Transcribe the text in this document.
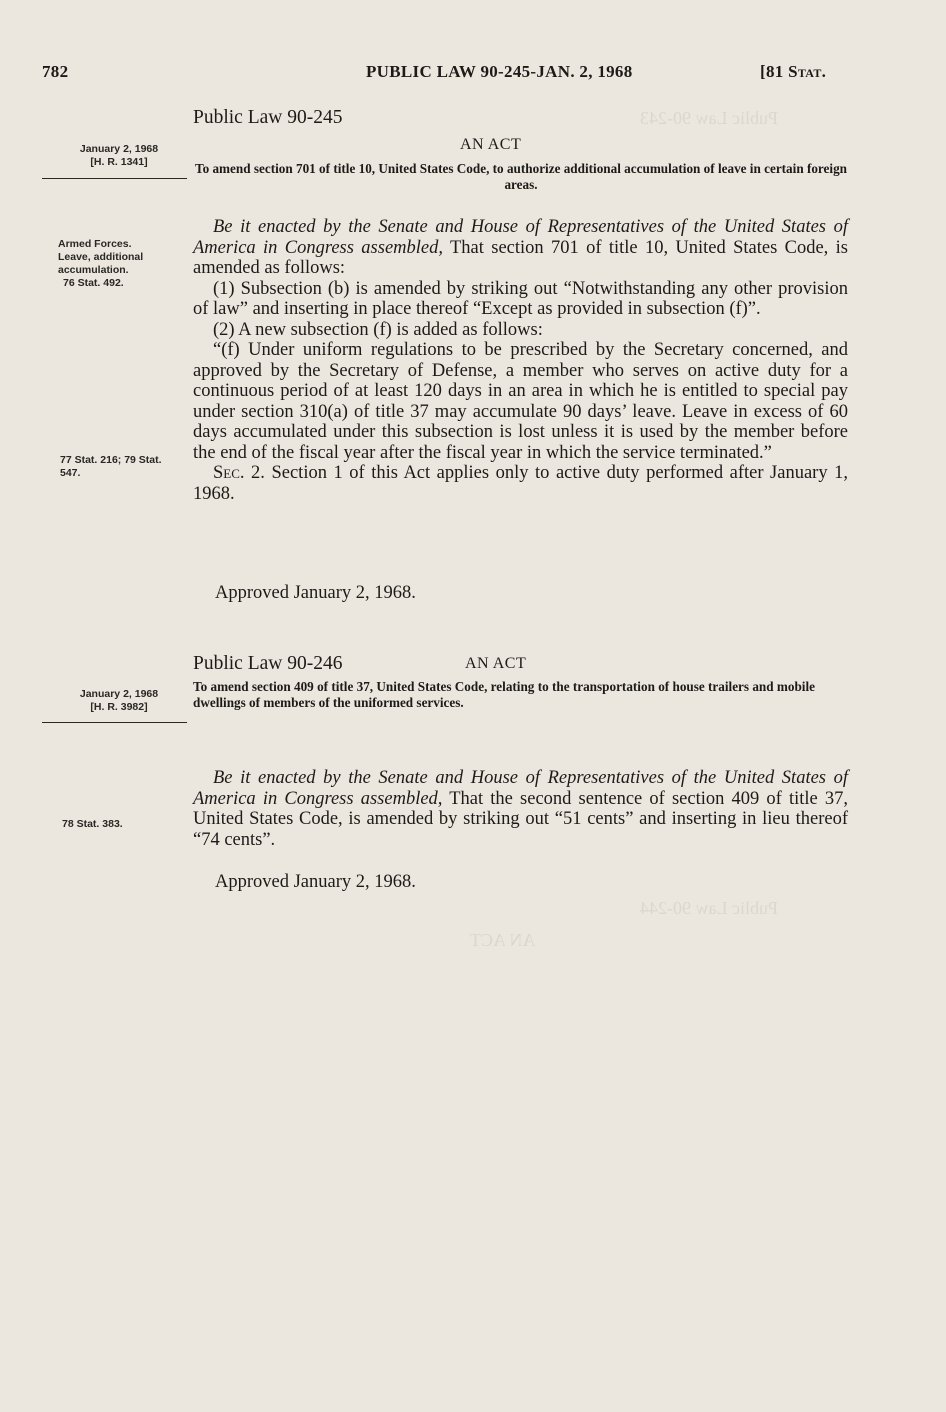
Public Law 90-243
Public Law 90-244
AN ACT
782	PUBLIC LAW 90-245-JAN. 2, 1968	[81 Stat.
Public Law 90-245
January 2, 1968
[H. R. 1341]
AN ACT
To amend section 701 of title 10, United States Code, to authorize additional accumulation of leave in certain foreign areas.
Armed Forces. Leave, additional accumulation.
76 Stat. 492.
77 Stat. 216; 79 Stat. 547.

Be it enacted by the Senate and House of Representatives of the United States of America in Congress assembled, That section 701 of title 10, United States Code, is amended as follows:

(1) Subsection (b) is amended by striking out “Notwithstanding any other provision of law” and inserting in place thereof “Except as provided in subsection (f)”.

(2) A new subsection (f) is added as follows:

“(f) Under uniform regulations to be prescribed by the Secretary concerned, and approved by the Secretary of Defense, a member who serves on active duty for a continuous period of at least 120 days in an area in which he is entitled to special pay under section 310(a) of title 37 may accumulate 90 days’ leave. Leave in excess of 60 days accumulated under this subsection is lost unless it is used by the member before the end of the fiscal year after the fiscal year in which the service terminated.”

Sec. 2. Section 1 of this Act applies only to active duty performed after January 1, 1968.

Approved January 2, 1968.
Public Law 90-246
January 2, 1968
[H. R. 3982]
AN ACT
To amend section 409 of title 37, United States Code, relating to the transportation of house trailers and mobile dwellings of members of the uniformed services.
78 Stat. 383.

Be it enacted by the Senate and House of Representatives of the United States of America in Congress assembled, That the second sentence of section 409 of title 37, United States Code, is amended by striking out “51 cents” and inserting in lieu thereof “74 cents”.

Approved January 2, 1968.
